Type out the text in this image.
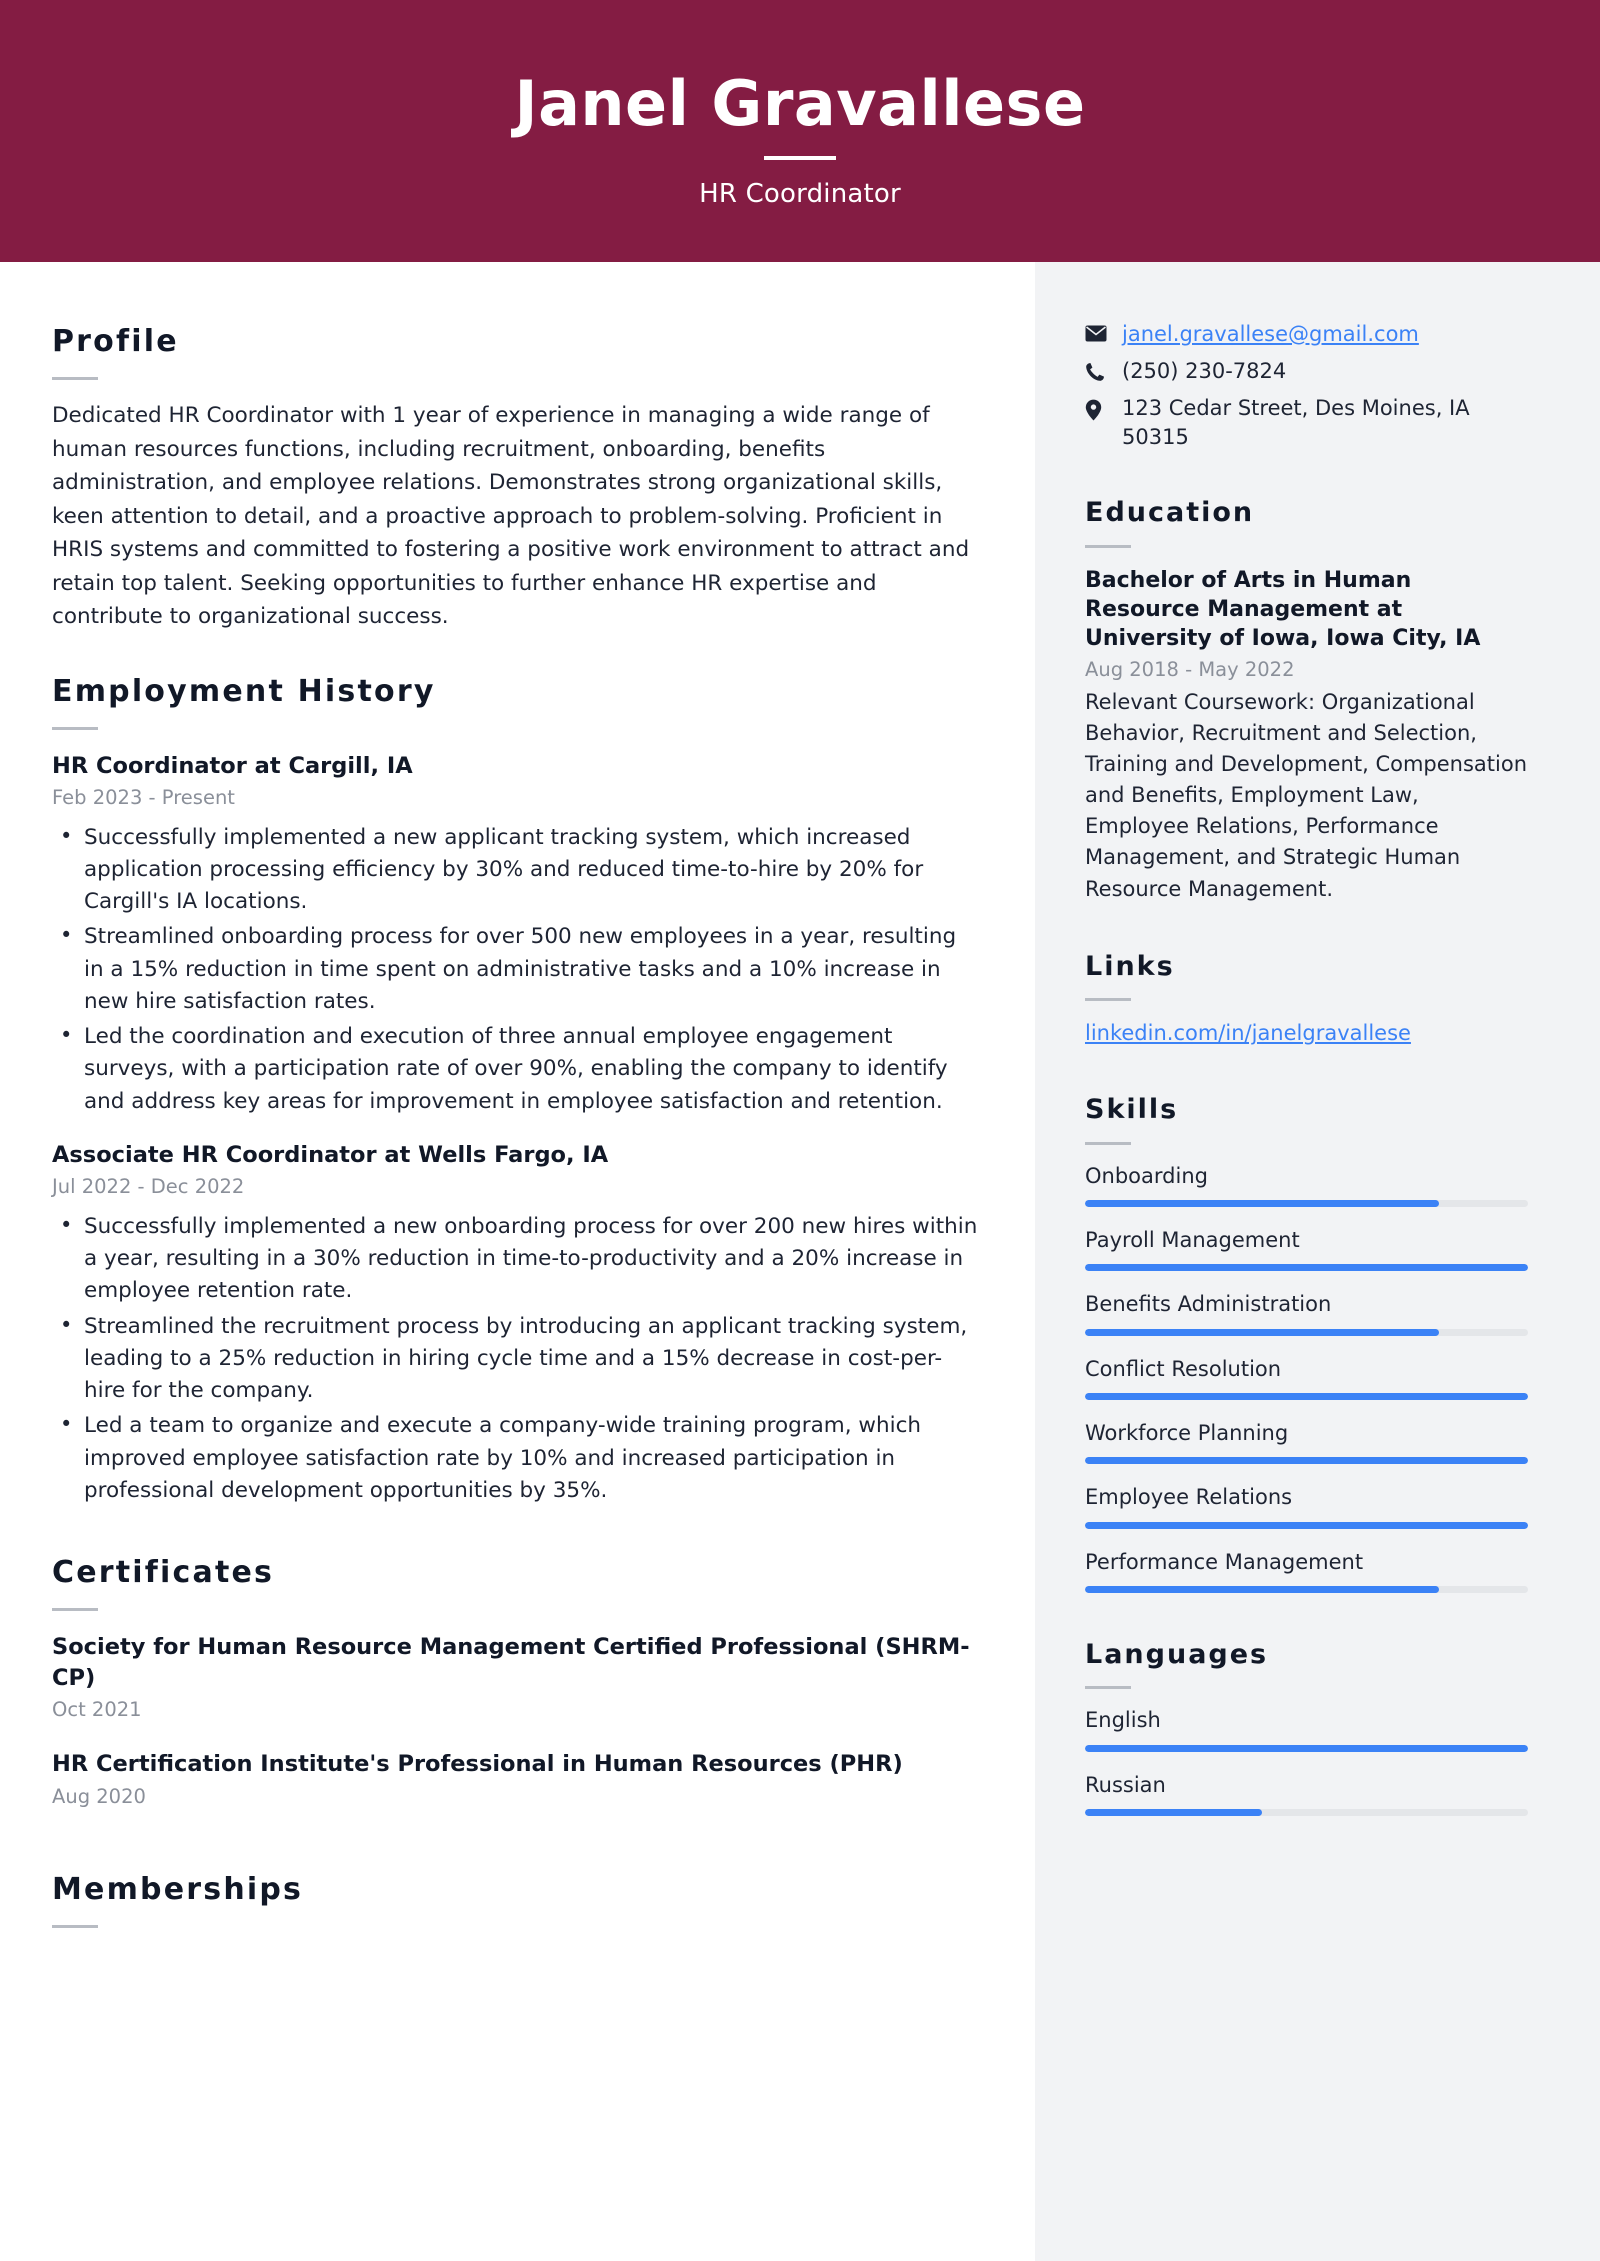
Janel Gravallese
HR Coordinator
Profile
Dedicated HR Coordinator with 1 year of experience in managing a wide range of human resources functions, including recruitment, onboarding, benefits administration, and employee relations. Demonstrates strong organizational skills, keen attention to detail, and a proactive approach to problem-solving. Proficient in HRIS systems and committed to fostering a positive work environment to attract and retain top talent. Seeking opportunities to further enhance HR expertise and contribute to organizational success.
Employment History
HR Coordinator at Cargill, IA
Feb 2023 - Present
• Successfully implemented a new applicant tracking system, which increased application processing efficiency by 30% and reduced time-to-hire by 20% for Cargill's IA locations.
• Streamlined onboarding process for over 500 new employees in a year, resulting in a 15% reduction in time spent on administrative tasks and a 10% increase in new hire satisfaction rates.
• Led the coordination and execution of three annual employee engagement surveys, with a participation rate of over 90%, enabling the company to identify and address key areas for improvement in employee satisfaction and retention.
Associate HR Coordinator at Wells Fargo, IA
Jul 2022 - Dec 2022
• Successfully implemented a new onboarding process for over 200 new hires within a year, resulting in a 30% reduction in time-to-productivity and a 20% increase in employee retention rate.
• Streamlined the recruitment process by introducing an applicant tracking system, leading to a 25% reduction in hiring cycle time and a 15% decrease in cost-per-hire for the company.
• Led a team to organize and execute a company-wide training program, which improved employee satisfaction rate by 10% and increased participation in professional development opportunities by 35%.
Certificates
Society for Human Resource Management Certified Professional (SHRM-CP)
Oct 2021
HR Certification Institute's Professional in Human Resources (PHR)
Aug 2020
Memberships
janel.gravallese@gmail.com
(250) 230-7824
123 Cedar Street, Des Moines, IA 50315
Education
Bachelor of Arts in Human Resource Management at University of Iowa, Iowa City, IA
Aug 2018 - May 2022
Relevant Coursework: Organizational Behavior, Recruitment and Selection, Training and Development, Compensation and Benefits, Employment Law, Employee Relations, Performance Management, and Strategic Human Resource Management.
Links
linkedin.com/in/janelgravallese
Skills
Onboarding
Payroll Management
Benefits Administration
Conflict Resolution
Workforce Planning
Employee Relations
Performance Management
Languages
English
Russian
